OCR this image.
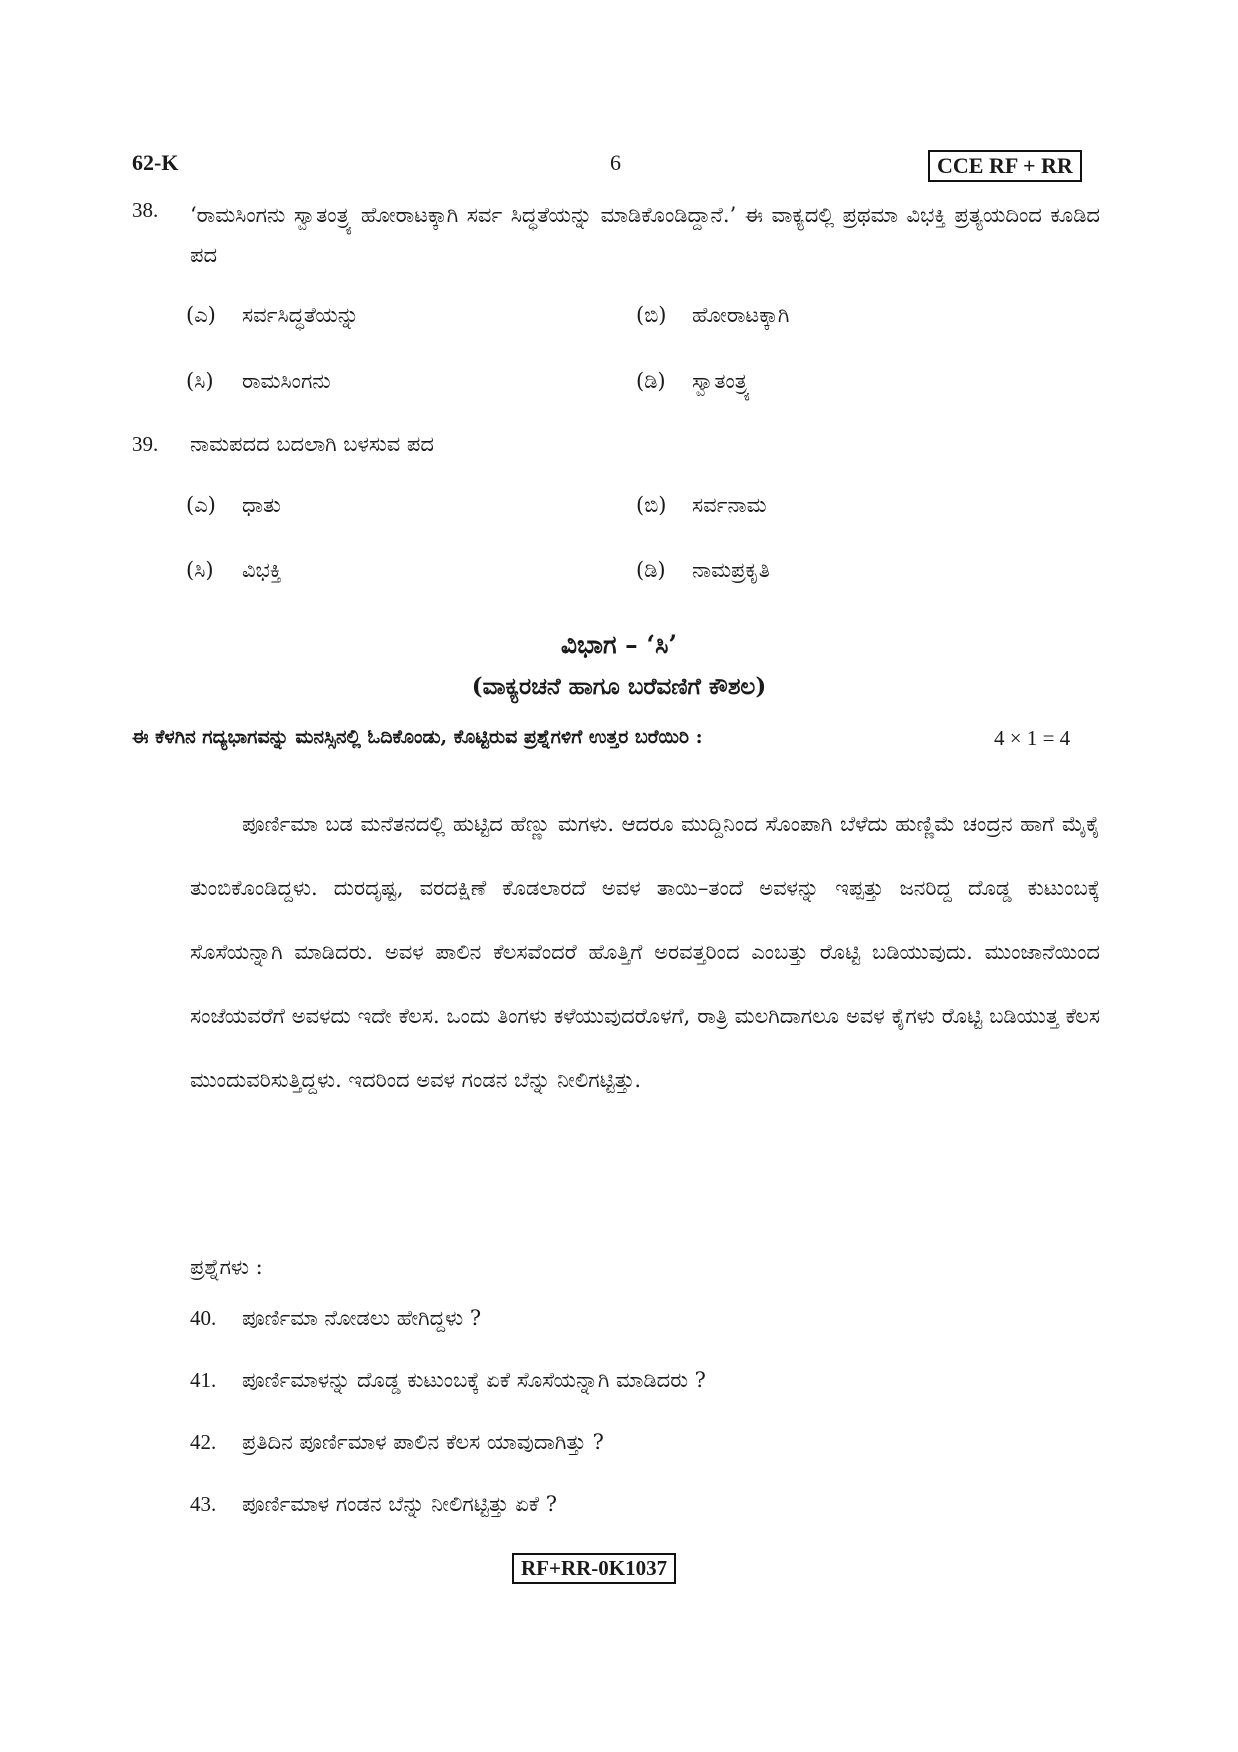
62-K	6	CCE RF + RR
38. ‘ರಾಮಸಿಂಗನು ಸ್ವಾತಂತ್ರ್ಯ ಹೋರಾಟಕ್ಕಾಗಿ ಸರ್ವ ಸಿದ್ಧತೆಯನ್ನು ಮಾಡಿಕೊಂಡಿದ್ದಾನೆ.’ ಈ ವಾಕ್ಯದಲ್ಲಿ ಪ್ರಥಮಾ ವಿಭಕ್ತಿ ಪ್ರತ್ಯಯದಿಂದ ಕೂಡಿದ ಪದ
(ಎ) ಸರ್ವಸಿದ್ಧತೆಯನ್ನು	(ಬಿ) ಹೋರಾಟಕ್ಕಾಗಿ
(ಸಿ) ರಾಮಸಿಂಗನು	(ಡಿ) ಸ್ವಾತಂತ್ರ್ಯ
39. ನಾಮಪದದ ಬದಲಾಗಿ ಬಳಸುವ ಪದ
(ಎ) ಧಾತು	(ಬಿ) ಸರ್ವನಾಮ
(ಸಿ) ವಿಭಕ್ತಿ	(ಡಿ) ನಾಮಪ್ರಕೃತಿ
ವಿಭಾಗ – ‘ಸಿ’
(ವಾಕ್ಯರಚನೆ ಹಾಗೂ ಬರೆವಣಿಗೆ ಕೌಶಲ)
ಈ ಕೆಳಗಿನ ಗದ್ಯಭಾಗವನ್ನು ಮನಸ್ಸಿನಲ್ಲಿ ಓದಿಕೊಂಡು, ಕೊಟ್ಟಿರುವ ಪ್ರಶ್ನೆಗಳಿಗೆ ಉತ್ತರ ಬರೆಯಿರಿ :	4 × 1 = 4

ಪೂರ್ಣಿಮಾ ಬಡ ಮನೆತನದಲ್ಲಿ ಹುಟ್ಟಿದ ಹೆಣ್ಣು ಮಗಳು. ಆದರೂ ಮುದ್ದಿನಿಂದ ಸೊಂಪಾಗಿ ಬೆಳೆದು ಹುಣ್ಣಿಮೆ ಚಂದ್ರನ ಹಾಗೆ ಮೈಕೈ ತುಂಬಿಕೊಂಡಿದ್ದಳು. ದುರದೃಷ್ಟ, ವರದಕ್ಷಿಣೆ ಕೊಡಲಾರದೆ ಅವಳ ತಾಯಿ–ತಂದೆ ಅವಳನ್ನು ಇಪ್ಪತ್ತು ಜನರಿದ್ದ ದೊಡ್ಡ ಕುಟುಂಬಕ್ಕೆ ಸೊಸೆಯನ್ನಾಗಿ ಮಾಡಿದರು. ಅವಳ ಪಾಲಿನ ಕೆಲಸವೆಂದರೆ ಹೊತ್ತಿಗೆ ಅರವತ್ತರಿಂದ ಎಂಬತ್ತು ರೊಟ್ಟಿ ಬಡಿಯುವುದು. ಮುಂಜಾನೆಯಿಂದ ಸಂಜೆಯವರೆಗೆ ಅವಳದು ಇದೇ ಕೆಲಸ. ಒಂದು ತಿಂಗಳು ಕಳೆಯುವುದರೊಳಗೆ, ರಾತ್ರಿ ಮಲಗಿದಾಗಲೂ ಅವಳ ಕೈಗಳು ರೊಟ್ಟಿ ಬಡಿಯುತ್ತ ಕೆಲಸ ಮುಂದುವರಿಸುತ್ತಿದ್ದಳು. ಇದರಿಂದ ಅವಳ ಗಂಡನ ಬೆನ್ನು ನೀಲಿಗಟ್ಟಿತ್ತು.

ಪ್ರಶ್ನೆಗಳು :
40. ಪೂರ್ಣಿಮಾ ನೋಡಲು ಹೇಗಿದ್ದಳು ?
41. ಪೂರ್ಣಿಮಾಳನ್ನು ದೊಡ್ಡ ಕುಟುಂಬಕ್ಕೆ ಏಕೆ ಸೊಸೆಯನ್ನಾಗಿ ಮಾಡಿದರು ?
42. ಪ್ರತಿದಿನ ಪೂರ್ಣಿಮಾಳ ಪಾಲಿನ ಕೆಲಸ ಯಾವುದಾಗಿತ್ತು ?
43. ಪೂರ್ಣಿಮಾಳ ಗಂಡನ ಬೆನ್ನು ನೀಲಿಗಟ್ಟಿತ್ತು ಏಕೆ ?
RF+RR-0K1037
